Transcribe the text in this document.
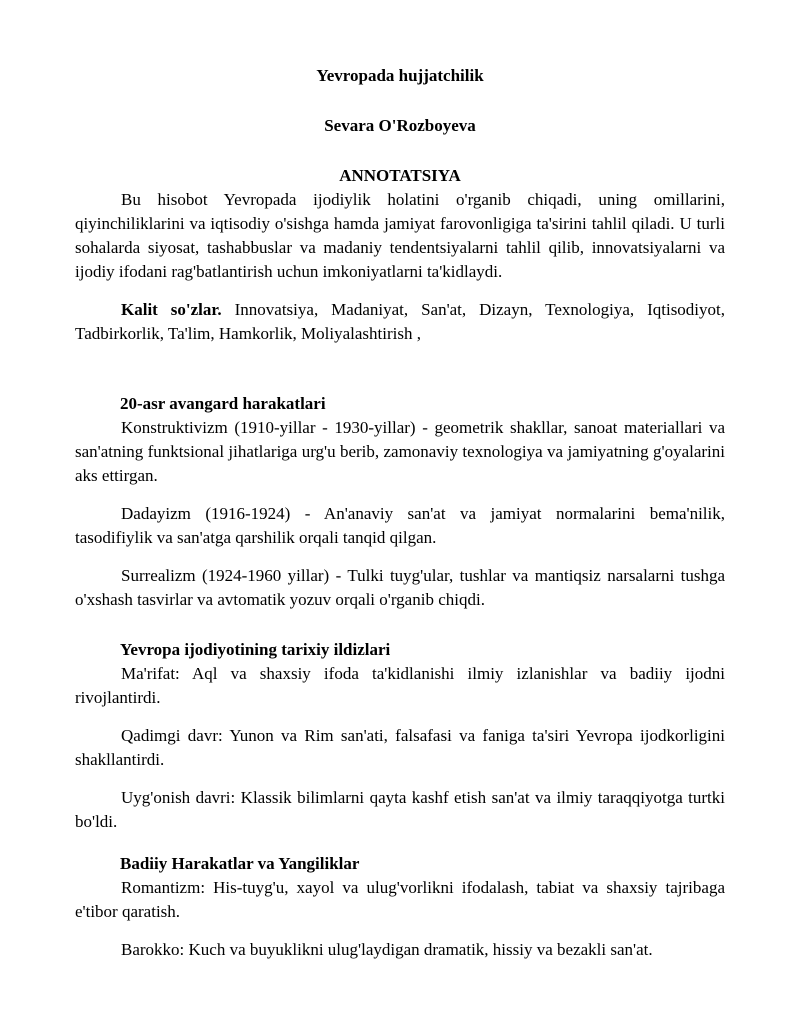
Yevropada hujjatchilik

Sevara O'Rozboyeva

ANNOTATSIYA

Bu hisobot Yevropada ijodiylik holatini o'rganib chiqadi, uning omillarini, qiyinchiliklarini va iqtisodiy o'sishga hamda jamiyat farovonligiga ta'sirini tahlil qiladi. U turli sohalarda siyosat, tashabbuslar va madaniy tendentsiyalarni tahlil qilib, innovatsiyalarni va ijodiy ifodani rag'batlantirish uchun imkoniyatlarni ta'kidlaydi.

Kalit so'zlar. Innovatsiya, Madaniyat, San'at, Dizayn, Texnologiya, Iqtisodiyot, Tadbirkorlik, Ta'lim, Hamkorlik, Moliyalashtirish ,

20-asr avangard harakatlari

Konstruktivizm (1910-yillar - 1930-yillar) - geometrik shakllar, sanoat materiallari va san'atning funktsional jihatlariga urg'u berib, zamonaviy texnologiya va jamiyatning g'oyalarini aks ettirgan.

Dadayizm (1916-1924) - An'anaviy san'at va jamiyat normalarini bema'nilik, tasodifiylik va san'atga qarshilik orqali tanqid qilgan.

Surrealizm (1924-1960 yillar) - Tulki tuyg'ular, tushlar va mantiqsiz narsalarni tushga o'xshash tasvirlar va avtomatik yozuv orqali o'rganib chiqdi.

Yevropa ijodiyotining tarixiy ildizlari

Ma'rifat: Aql va shaxsiy ifoda ta'kidlanishi ilmiy izlanishlar va badiiy ijodni rivojlantirdi.

Qadimgi davr: Yunon va Rim san'ati, falsafasi va faniga ta'siri Yevropa ijodkorligini shakllantirdi.

Uyg'onish davri: Klassik bilimlarni qayta kashf etish san'at va ilmiy taraqqiyotga turtki bo'ldi.

Badiiy Harakatlar va Yangiliklar

Romantizm: His-tuyg'u, xayol va ulug'vorlikni ifodalash, tabiat va shaxsiy tajribaga e'tibor qaratish.

Barokko: Kuch va buyuklikni ulug'laydigan dramatik, hissiy va bezakli san'at.
